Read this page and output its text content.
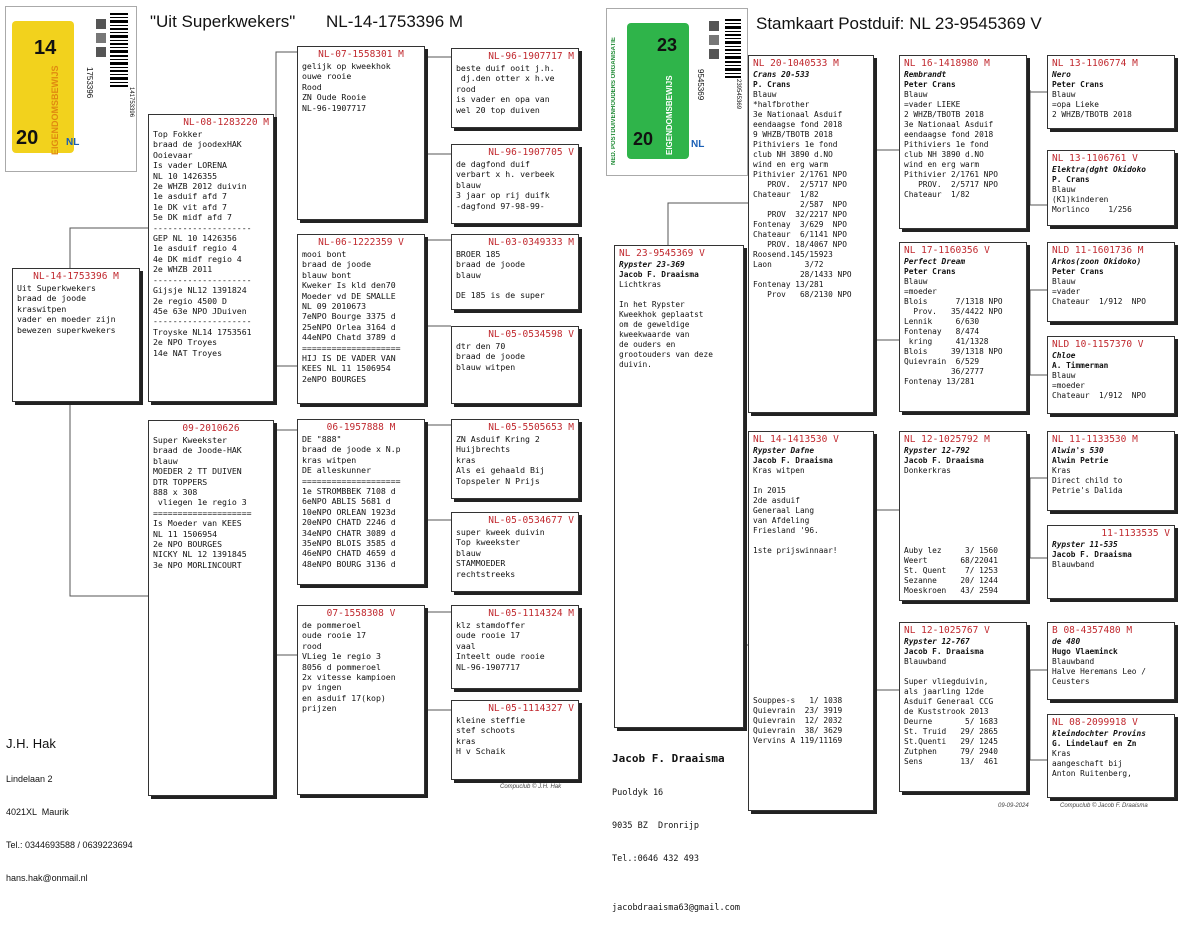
"Uit Superkwekers" NL-14-1753396 M
20
14
EIGENDOMSBEWIJS NL
1753396
141753396
NL-14-1753396 M
Uit Superkwekers
braad de joode
kraswitpen
vader en moeder zijn
bewezen superkwekers
NL-08-1283220 M
Top Fokker
braad de joodexHAK
Ooievaar
Is vader LORENA
NL 10 1426355
2e WHZB 2012 duivin
1e asduif afd 7
1e DK vit afd 7
5e DK midf afd 7
--------------------
GEP NL 10 1426356
1e asduif regio 4
4e DK midf regio 4
2e WHZB 2011
--------------------
Gijsje NL12 1391824
2e regio 4500 D
45e 63e NPO JDuiven
--------------------
Troyske NL14 1753561
2e NPO Troyes
14e NAT Troyes
09-2010626
Super Kweekster
braad de Joode-HAK
blauw
MOEDER 2 TT DUIVEN
DTR TOPPERS
888 x 308
vliegen 1e regio 3
====================
Is Moeder van KEES
NL 11 1506954
2e NPO BOURGES
NICKY NL 12 1391845
3e NPO MORLINCOURT
NL-07-1558301 M
gelijk op kweekhok
ouwe rooie
Rood
ZN Oude Rooie
NL-96-1907717
NL-06-1222359 V
mooi bont
braad de joode
blauw bont
Kweker Is kld den70
Moeder vd DE SMALLE
NL 09 2010673
7eNPO Bourge 3375 d
25eNPO Orlea 3164 d
44eNPO Chatd 3789 d
====================
HIJ IS DE VADER VAN
KEES NL 11 1506954
2eNPO BOURGES
06-1957888 M
DE "888"
braad de joode x N.p
kras witpen
DE alleskunner
====================
1e STROMBBEK 7108 d
6eNPO ABLIS 5681 d
10eNPO ORLEAN 1923d
20eNPO CHATD 2246 d
34eNPO CHATR 3089 d
35eNPO BLOIS 3585 d
46eNPO CHATD 4659 d
48eNPO BOURG 3136 d
07-1558308 V
de pommeroel
oude rooie 17
rood
VLieg 1e regio 3
8056 d pommeroel
2x vitesse kampioen
pv ingen
en asduif 17(kop)
prijzen
NL-96-1907717 M
beste duif ooit j.h.
dj.den otter x h.ve
rood
is vader en opa van
wel 20 top duiven
NL-96-1907705 V
de dagfond duif
verbart x h. verbeek
blauw
3 jaar op rij duifk
-dagfond 97-98-99-
NL-03-0349333 M
BROER 185
braad de joode
blauw
DE 185 is de super
NL-05-0534598 V
dtr den 70
braad de joode
blauw witpen
NL-05-5505653 M
ZN Asduif Kring 2
Huijbrechts
kras
Als ei gehaald Bij
Topspeler N Prijs
NL-05-0534677 V
super kweek duivin
Top kweekster
blauw
STAMMOEDER
rechtstreeks
NL-05-1114324 M
klz stamdoffer
oude rooie 17
vaal
Inteelt oude rooie
NL-96-1907717
NL-05-1114327 V
kleine steffie
stef schoots
kras
H v Schaik

J.H. Hak

Lindelaan 2

4021XL  Maurik

Tel.: 0344693588 / 0639223694

hans.hak@onmail.nl

Compuclub © J.H. Hak
Stamkaart Postduif: NL 23-9545369 V
NED. POSTDUIVENHOUDERS ORGANISATIE 20
23
EIGENDOMSBEWIJS	NL
9545369	239545369
NL 23-9545369 V
Rypster 23-369
Jacob F. Draaisma
Lichtkras
In het Rypster
Kweekhok geplaatst
om de geweldige
kweekwaarde van
de ouders en
grootouders van deze
duivin.
NL 20-1040533 M
Crans 20-533
P. Crans
Blauw
*halfbrother
3e Nationaal Asduif
eendaagse fond 2018
9 WHZB/TBOTB 2018
Pithiviers 1e fond
club NH 3890 d.NO
wind en erg warm
Pithivier 2/1761 NPO
PROV.  2/5717 NPO
Chateaur  1/82
2/587  NPO
PROV  32/2217 NPO
Fontenay  3/629  NPO
Chateaur  6/1141 NPO
PROV. 18/4067 NPO
Roosend.145/15923
Laon       3/72
28/1433 NPO
Fontenay 13/281
Prov   68/2130 NPO
NL 14-1413530 V
Rypster Dafne
Jacob F. Draaisma
Kras witpen
In 2015
2de asduif
Generaal Lang
van Afdeling
Friesland '96.
1ste prijswinnaar!
Souppes-s   1/ 1038
Quievrain  23/ 3919
Quievrain  12/ 2032
Quievrain  38/ 3629
Vervins A 119/11169
NL 16-1418980 M
Rembrandt
Peter Crans
Blauw
=vader LIEKE
2 WHZB/TBOTB 2018
3e Nationaal Asduif
eendaagse fond 2018
Pithiviers 1e fond
club NH 3890 d.NO
wind en erg warm
Pithivier 2/1761 NPO
PROV.  2/5717 NPO
Chateaur  1/82
NL 17-1160356 V
Perfect Dream
Peter Crans
Blauw
=moeder
Blois      7/1318 NPO
Prov.   35/4422 NPO
Lennik     6/630
Fontenay   8/474
kring     41/1328
Blois     39/1318 NPO
Quievrain  6/529
36/2777
Fontenay 13/281
NL 12-1025792 M
Rypster 12-792
Jacob F. Draaisma
Donkerkras
Auby lez     3/ 1560
Weert       68/22041
St. Quent    7/ 1253
Sezanne     20/ 1244
Moeskroen   43/ 2594
NL 12-1025767 V
Rypster 12-767
Jacob F. Draaisma
Blauwband
Super vliegduivin,
als jaarling 12de
Asduif Generaal CCG
de Kuststrook 2013
Deurne       5/ 1683
St. Truid   29/ 2865
St.Quenti   29/ 1245
Zutphen     79/ 2940
Sens        13/  461
NL 13-1106774 M
Nero
Peter Crans
Blauw
=opa Lieke
2 WHZB/TBOTB 2018
NL 13-1106761 V
Elektra(dght Okidoko
P. Crans
Blauw
(K1)kinderen
Morlinco    1/256
NLD 11-1601736 M
Arkos(zoon Okidoko)
Peter Crans
Blauw
=vader
Chateaur  1/912  NPO
NLD 10-1157370 V
Chloe
A. Timmerman
Blauw
=moeder
Chateaur  1/912  NPO
NL 11-1133530 M
Alwin's 530
Alwin Petrie
Kras
Direct child to
Petrie's Dalida
11-1133535 V
Rypster 11-535
Jacob F. Draaisma
Blauwband
B 08-4357480 M
de 480
Hugo Vlaeminck
Blauwband
Halve Heremans Leo /
Ceusters
NL 08-2099918 V
kleindochter Provins
G. Lindelauf en Zn
Kras
aangeschaft bij
Anton Ruitenberg,

Jacob F. Draaisma

Puoldyk 16

9035 BZ  Dronrijp

Tel.:0646 432 493

jacobdraaisma63@gmail.com

09-09-2024	Compuclub © Jacob F. Draaisma
